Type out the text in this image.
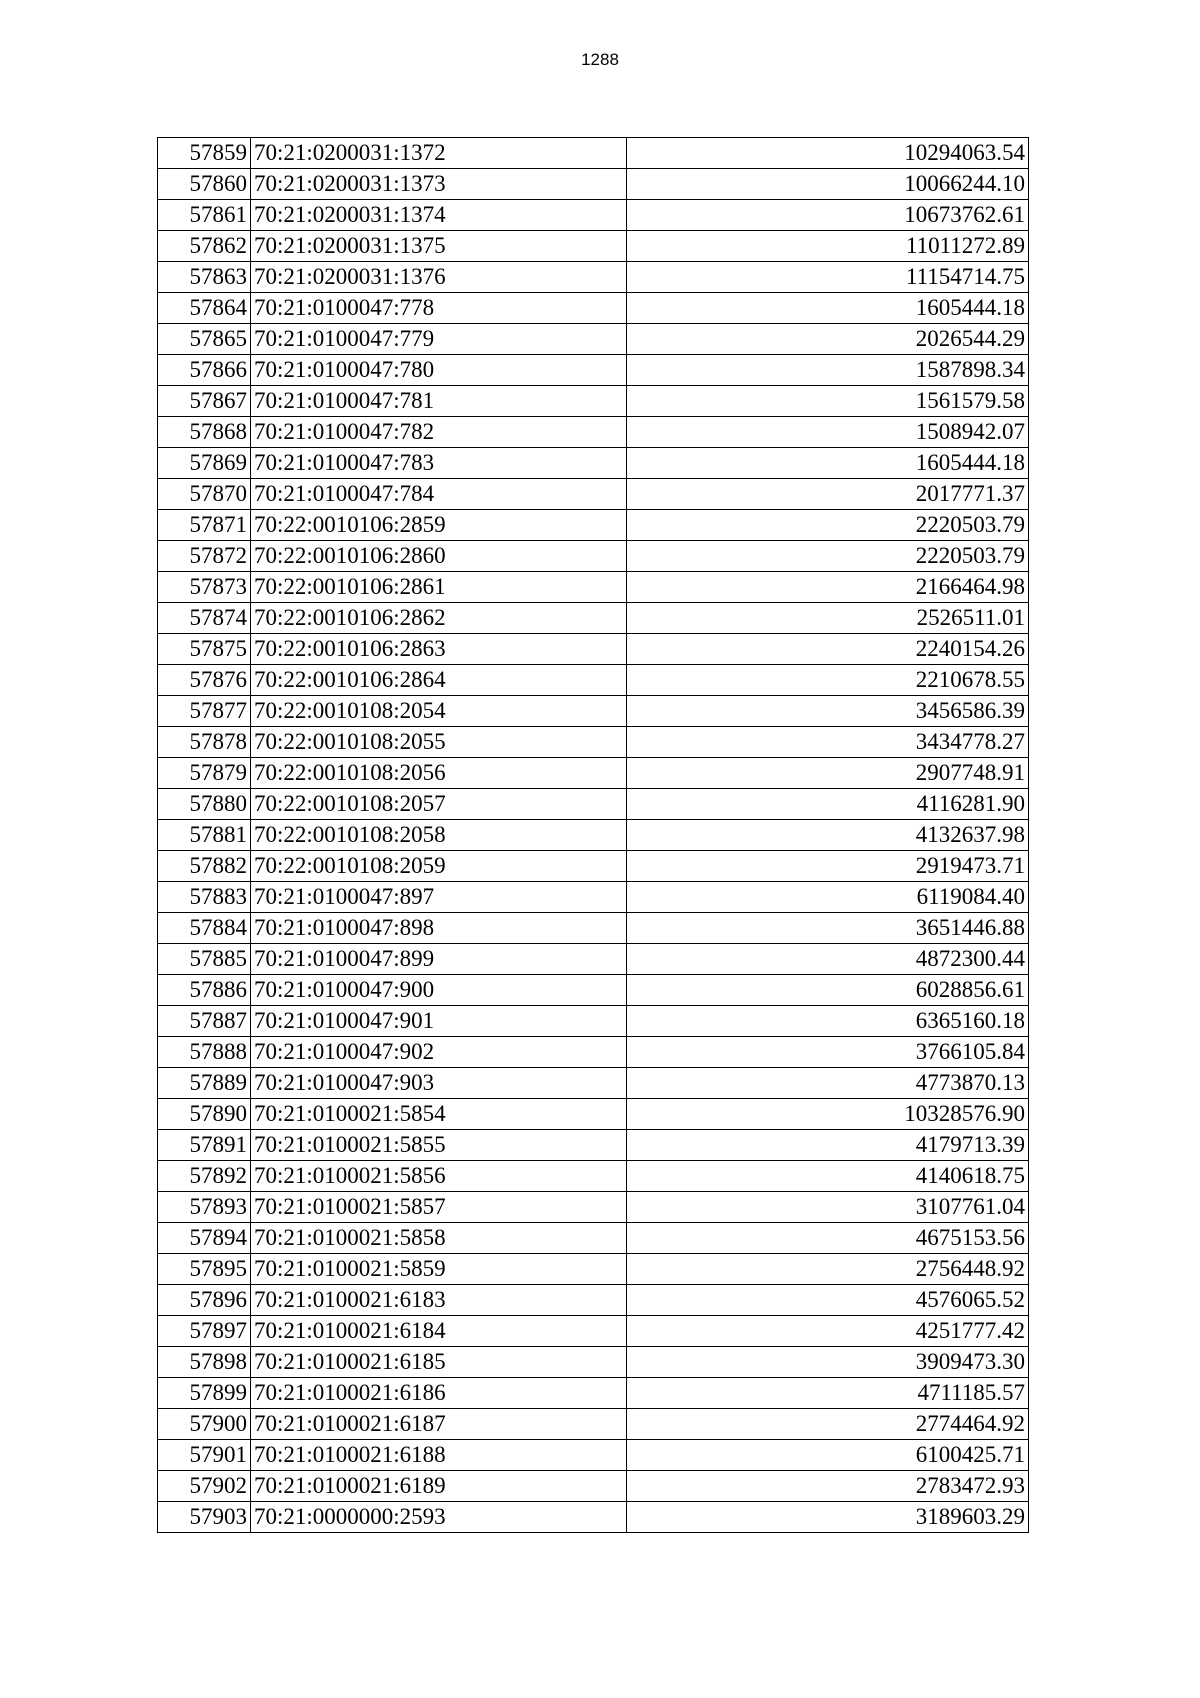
1288
57859	70:21:0200031:1372	10294063.54
57860	70:21:0200031:1373	10066244.10
57861	70:21:0200031:1374	10673762.61
57862	70:21:0200031:1375	11011272.89
57863	70:21:0200031:1376	11154714.75
57864	70:21:0100047:778	1605444.18
57865	70:21:0100047:779	2026544.29
57866	70:21:0100047:780	1587898.34
57867	70:21:0100047:781	1561579.58
57868	70:21:0100047:782	1508942.07
57869	70:21:0100047:783	1605444.18
57870	70:21:0100047:784	2017771.37
57871	70:22:0010106:2859	2220503.79
57872	70:22:0010106:2860	2220503.79
57873	70:22:0010106:2861	2166464.98
57874	70:22:0010106:2862	2526511.01
57875	70:22:0010106:2863	2240154.26
57876	70:22:0010106:2864	2210678.55
57877	70:22:0010108:2054	3456586.39
57878	70:22:0010108:2055	3434778.27
57879	70:22:0010108:2056	2907748.91
57880	70:22:0010108:2057	4116281.90
57881	70:22:0010108:2058	4132637.98
57882	70:22:0010108:2059	2919473.71
57883	70:21:0100047:897	6119084.40
57884	70:21:0100047:898	3651446.88
57885	70:21:0100047:899	4872300.44
57886	70:21:0100047:900	6028856.61
57887	70:21:0100047:901	6365160.18
57888	70:21:0100047:902	3766105.84
57889	70:21:0100047:903	4773870.13
57890	70:21:0100021:5854	10328576.90
57891	70:21:0100021:5855	4179713.39
57892	70:21:0100021:5856	4140618.75
57893	70:21:0100021:5857	3107761.04
57894	70:21:0100021:5858	4675153.56
57895	70:21:0100021:5859	2756448.92
57896	70:21:0100021:6183	4576065.52
57897	70:21:0100021:6184	4251777.42
57898	70:21:0100021:6185	3909473.30
57899	70:21:0100021:6186	4711185.57
57900	70:21:0100021:6187	2774464.92
57901	70:21:0100021:6188	6100425.71
57902	70:21:0100021:6189	2783472.93
57903	70:21:0000000:2593	3189603.29
